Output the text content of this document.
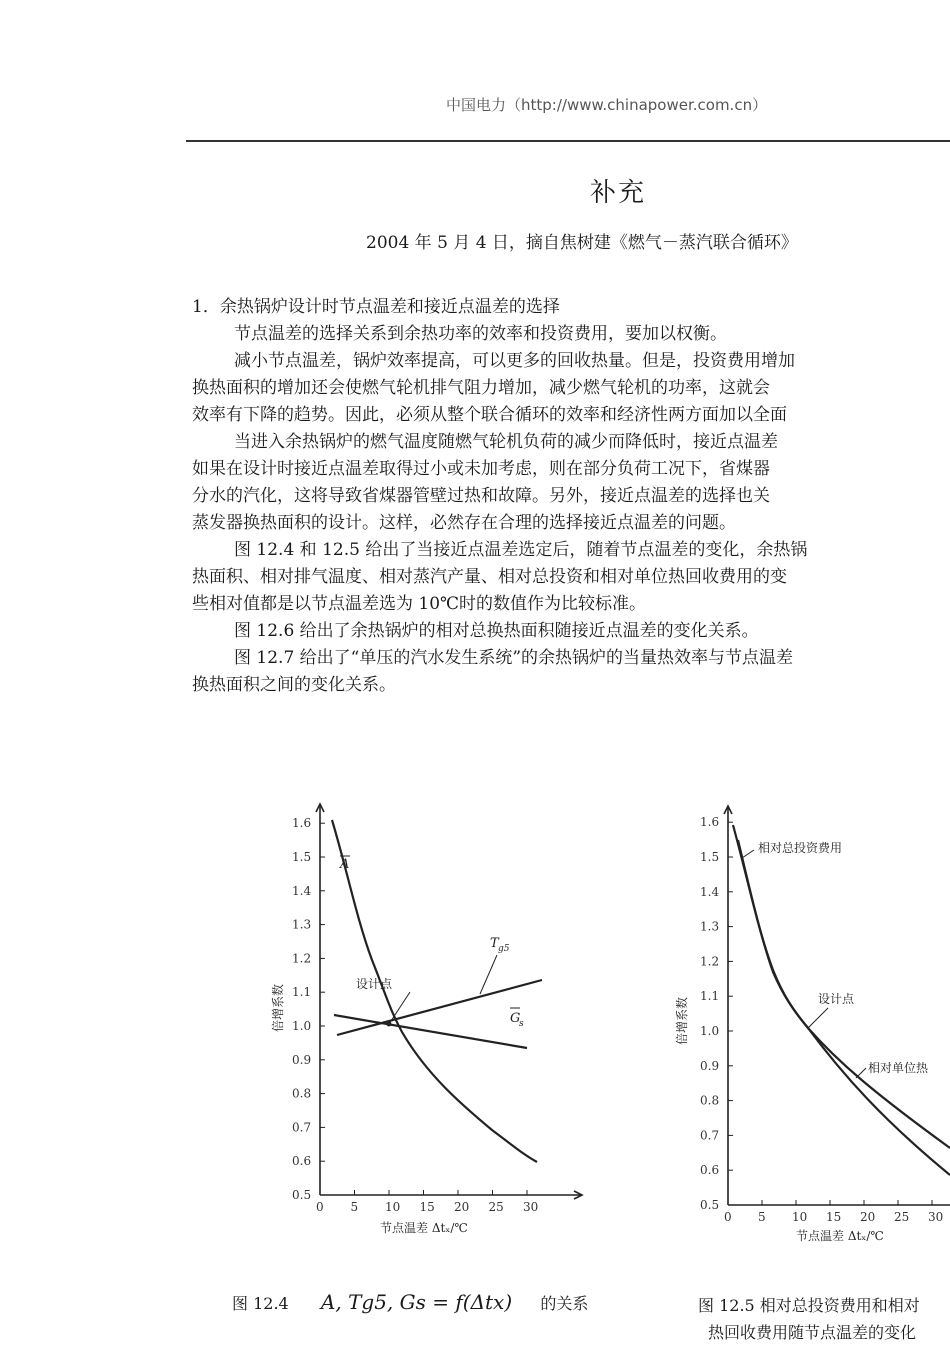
中国电力（http://www.chinapower.com.cn）
补充
2004 年 5 月 4 日，摘自焦树建《燃气－蒸汽联合循环》

1．余热锅炉设计时节点温差和接近点温差的选择

节点温差的选择关系到余热功率的效率和投资费用，要加以权衡。

减小节点温差，锅炉效率提高，可以更多的回收热量。但是，投资费用增加

换热面积的增加还会使燃气轮机排气阻力增加，减少燃气轮机的功率，这就会

效率有下降的趋势。因此，必须从整个联合循环的效率和经济性两方面加以全面

当进入余热锅炉的燃气温度随燃气轮机负荷的减少而降低时，接近点温差

如果在设计时接近点温差取得过小或未加考虑，则在部分负荷工况下，省煤器

分水的汽化，这将导致省煤器管壁过热和故障。另外，接近点温差的选择也关

蒸发器换热面积的设计。这样，必然存在合理的选择接近点温差的问题。

图 12.4 和 12.5 给出了当接近点温差选定后，随着节点温差的变化，余热锅

热面积、相对排气温度、相对蒸汽产量、相对总投资和相对单位热回收费用的变

些相对值都是以节点温差选为 10℃时的数值作为比较标准。

图 12.6 给出了余热锅炉的相对总换热面积随接近点温差的变化关系。

图 12.7 给出了“单压的汽水发生系统”的余热锅炉的当量热效率与节点温差

换热面积之间的变化关系。

0.5
0.6
0.7
0.8
0.9
1.0
1.1
1.2
1.3
1.4
1.5
1.6
0 5 10 15 20 25 30
设计点
A
T g5
G
s
节点温差 Δtₓ/℃
倍增系数
图 12.4 A, Tg5, Gs = f(Δtx) 的关系
0.5
0.6
0.7
0.8
0.9
1.0
1.1
1.2
1.3
1.4
1.5
1.6
0 5 10 15 20 25 30
相对总投资费用
设计点
相对单位热
节点温差 Δtₓ/℃
倍增系数
图 12.5 相对总投资费用和相对
热回收费用随节点温差的变化
